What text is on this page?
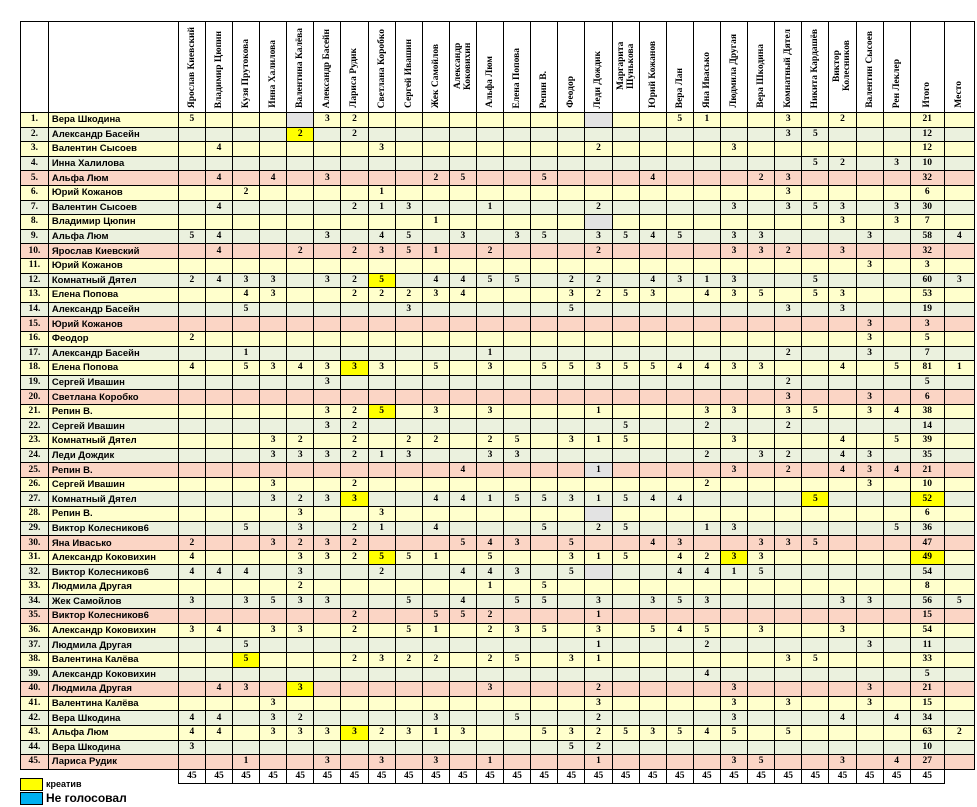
		Ярослав Киевский	Владимир Цюпин	Кузя Прутокова	Инна Халилова	Валентина Калёва	Александр Басейн	Лариса Рудик	Светлана Коробко	Сергей Ивашин	Жек Самойлов	Александр Коковихин	Альфа Люм	Елена Попова	Репин В.	Феодор	Леди Дождик	Маргарита Шунькова	Юрий Кожанов	Вера Лан	Яна Ивасько	Людмила Другая	Вера Шкодина	Комнатный Дятел	Никита Кардашёв	Виктор Колесников	Валентин Сысоев	Рен Леклер	Итого	Место
1.	Вера Шкодина	5					3	2												5	1			3		2			21	
2.	Александр Басейн					2		2																3	5				12	
3.	Валентин Сысоев		4						3								2					3							12	
4.	Инна Халилова																								5	2		3	10	
5.	Альфа Люм		4		4		3				2	5			5				4				2	3					32	
6.	Юрий Кожанов			2					1															3					6	
7.	Валентин Сысоев		4					2	1	3			1				2					3		3	5	3		3	30	
8.	Владимир Цюпин										1															3		3	7	
9.	Альфа Люм	5	4				3		4	5		3		3	5		3	5	4	5		3	3				3		58	4
10.	Ярослав Киевский		4			2		2	3	5	1		2				2					3	3	2		3			32	
11.	Юрий Кожанов																										3		3	
12.	Комнатный Дятел	2	4	3	3		3	2	5		4	4	5	5		2	2		4	3	1	3			5				60	3
13.	Елена Попова			4	3			2	2	2	3	4				3	2	5	3		4	3	5		5	3			53	
14.	Александр Басейн			5						3						5								3		3			19	
15.	Юрий Кожанов																										3		3	
16.	Феодор	2																									3		5	
17.	Александр Басейн			1									1											2			3		7	
18.	Елена Попова	4		5	3	4	3	3	3		5		3		5	5	3	5	5	4	4	3	3			4		5	81	1
19.	Сергей Ивашин						3																	2					5	
20.	Светлана Коробко																							3			3		6	
21.	Репин В.						3	2	5		3		3				1				3	3		3	5		3	4	38	
22.	Сергей Ивашин						3	2										5			2			2					14	
23.	Комнатный Дятел				3	2		2		2	2		2	5		3	1	5				3				4		5	39	
24.	Леди Дождик				3	3	3	2	1	3			3	3							2		3	2		4	3		35	
25.	Репин В.											4					1					3		2		4	3	4	21	
26.	Сергей Ивашин				3			2													2						3		10	
27.	Комнатный Дятел				3	2	3	3			4	4	1	5	5	3	1	5	4	4					5				52	
28.	Репин В.					3			3																				6	
29.	Виктор Колесников6			5		3		2	1		4				5		2	5			1	3						5	36	
30.	Яна Ивасько	2			3	2	3	2				5	4	3		5			4	3			3	3	5				47	
31.	Александр Коковихин	4				3	3	2	5	5	1		5			3	1	5		4	2	3	3						49	
32.	Виктор Колесников6	4	4	4		3			2			4	4	3		5				4	4	1	5						54	
33.	Людмила Другая					2							1		5														8	
34.	Жек Самойлов	3		3	5	3	3			5		4		5	5		3		3	5	3					3	3		56	5
35.	Виктор Колесников6							2			5	5	2				1												15	
36.	Александр Коковихин	3	4		3	3		2		5	1		2	3	5		3		5	4	5		3			3			54	
37.	Людмила Другая			5													1				2						3		11	
38.	Валентина Калёва			5				2	3	2	2		2	5		3	1							3	5				33	
39.	Александр Коковихин																				4								5	
40.	Людмила Другая		4	3		3							3				2					3					3		21	
41.	Валентина Калёва				3												3					3		3			3		15	
42.	Вера Шкодина	4	4		3	2					3			5			2					3				4		4	34	
43.	Альфа Люм	4	4		3	3	3	3	2	3	1	3			5	3	2	5	3	5	4	5		5					63	2
44.	Вера Шкодина	3														5	2												10	
45.	Лариса Рудик			1			3		3		3		1				1					3	5			3		4	27	
		45	45	45	45	45	45	45	45	45	45	45	45	45	45	45	45	45	45	45	45	45	45	45	45	45	45	45	45	
креатив
Не голосовал
